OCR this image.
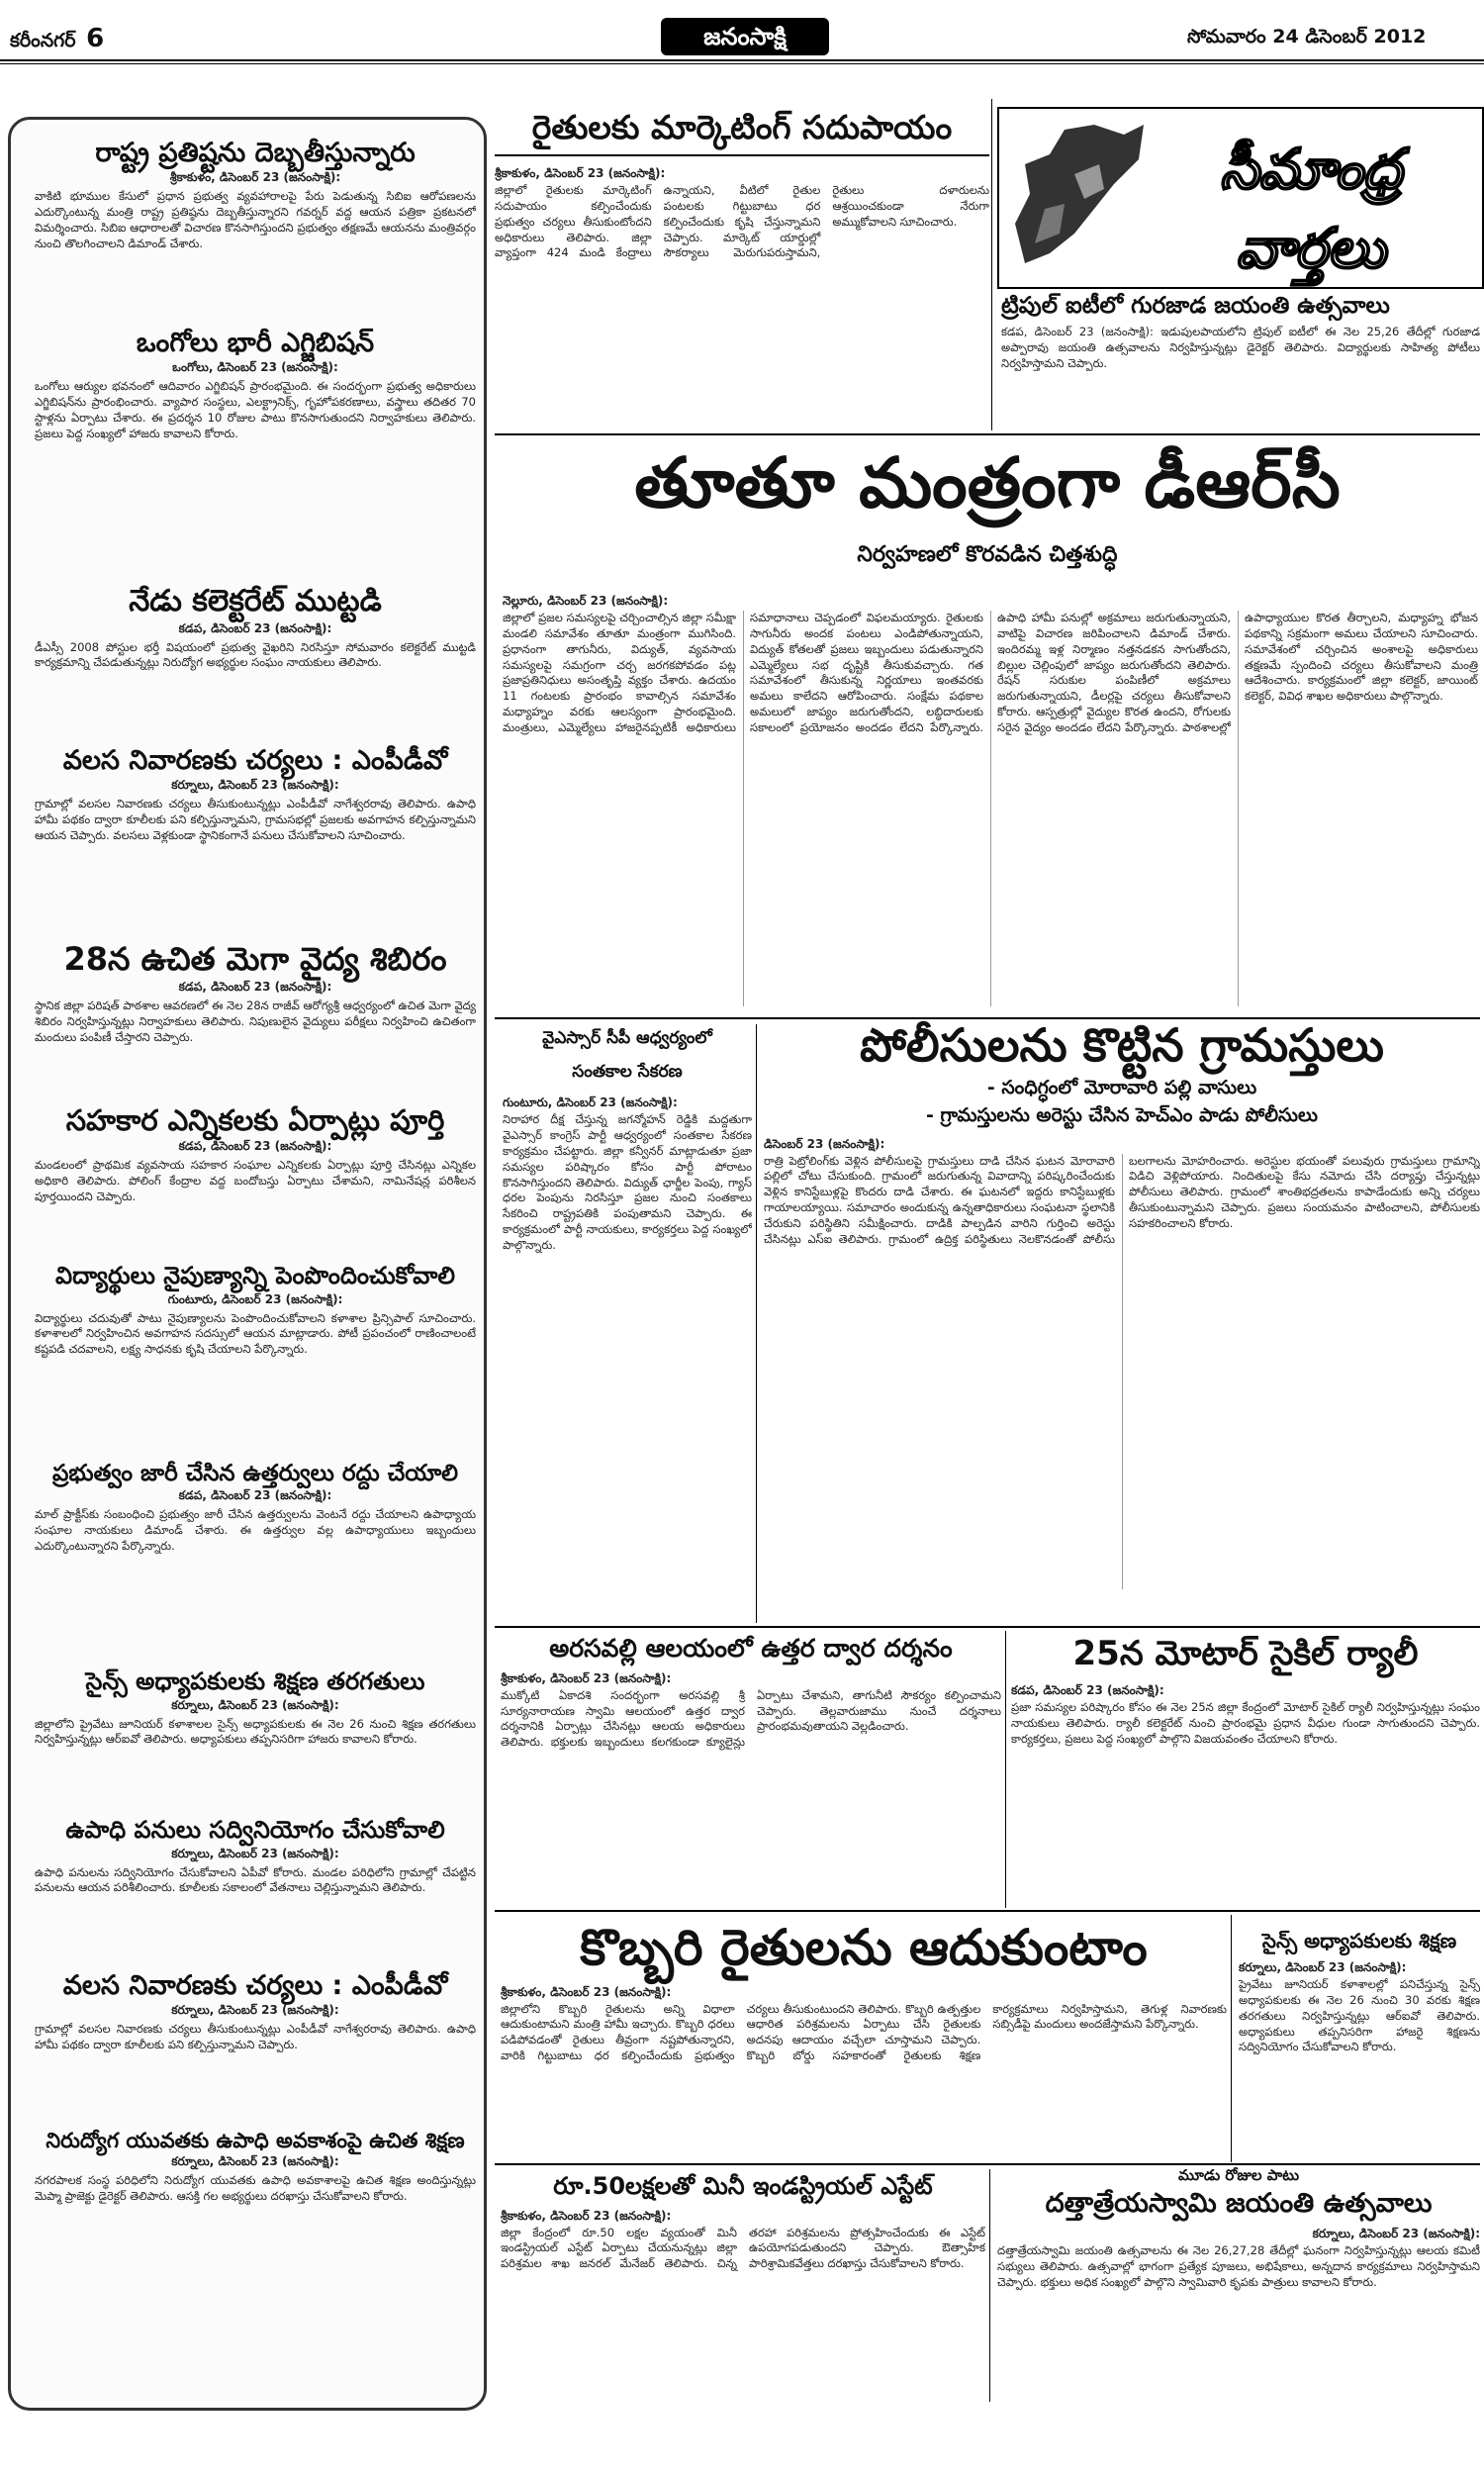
కరీంనగర్ 6	జనంసాక్షి	సోమవారం 24 డిసెంబర్ 2012
రాష్ట్ర ప్రతిష్టను దెబ్బతీస్తున్నారు
శ్రీకాకుళం, డిసెంబర్ 23 (జనంసాక్షి):
వాకిటి భూముల కేసులో ప్రధాన ప్రభుత్వ వ్యవహారాలపై పేరు పెడుతున్న సిబిఐ ఆరోపణలను ఎదుర్కొంటున్న మంత్రి రాష్ట్ర ప్రతిష్ఠను దెబ్బతీస్తున్నారని గవర్నర్‌ వద్ద ఆయన పత్రికా ప్రకటనలో విమర్శించారు. సిబిఐ ఆధారాలతో విచారణ కొనసాగిస్తుందని ప్రభుత్వం తక్షణమే ఆయనను మంత్రివర్గం నుంచి తొలగించాలని డిమాండ్‌ చేశారు.
ఒంగోలు భారీ ఎగ్జిబిషన్‌
ఒంగోలు, డిసెంబర్‌ 23 (జనంసాక్షి):
ఒంగోలు ఆర్యుల భవనంలో ఆదివారం ఎగ్జిబిషన్‌ ప్రారంభమైంది. ఈ సందర్భంగా ప్రభుత్వ అధికారులు ఎగ్జిబిషన్‌ను ప్రారంభించారు. వ్యాపార సంస్థలు, ఎలక్ట్రానిక్స్‌, గృహోపకరణాలు, వస్త్రాలు తదితర 70 స్టాళ్లను ఏర్పాటు చేశారు. ఈ ప్రదర్శన 10 రోజుల పాటు కొనసాగుతుందని నిర్వాహకులు తెలిపారు. ప్రజలు పెద్ద సంఖ్యలో హాజరు కావాలని కోరారు.
నేడు కలెక్టరేట్‌ ముట్టడి
కడప, డిసెంబర్‌ 23 (జనంసాక్షి):
డీఎస్సీ 2008 పోస్టుల భర్తీ విషయంలో ప్రభుత్వ వైఖరిని నిరసిస్తూ సోమవారం కలెక్టరేట్‌ ముట్టడి కార్యక్రమాన్ని చేపడుతున్నట్లు నిరుద్యోగ అభ్యర్థుల సంఘం నాయకులు తెలిపారు.
వలస నివారణకు చర్యలు : ఎంపీడీవో
కర్నూలు, డిసెంబర్‌ 23 (జనంసాక్షి):
గ్రామాల్లో వలసల నివారణకు చర్యలు తీసుకుంటున్నట్లు ఎంపీడీవో నాగేశ్వరరావు తెలిపారు. ఉపాధి హామీ పథకం ద్వారా కూలీలకు పని కల్పిస్తున్నామని, గ్రామసభల్లో ప్రజలకు అవగాహన కల్పిస్తున్నామని ఆయన చెప్పారు. వలసలు వెళ్లకుండా స్థానికంగానే పనులు చేసుకోవాలని సూచించారు.
28న ఉచిత మెగా వైద్య శిబిరం
కడప, డిసెంబర్‌ 23 (జనంసాక్షి):
స్థానిక జిల్లా పరిషత్‌ పాఠశాల ఆవరణలో ఈ నెల 28న రాజీవ్‌ ఆరోగ్యశ్రీ ఆధ్వర్యంలో ఉచిత మెగా వైద్య శిబిరం నిర్వహిస్తున్నట్లు నిర్వాహకులు తెలిపారు. నిపుణులైన వైద్యులు పరీక్షలు నిర్వహించి ఉచితంగా మందులు పంపిణీ చేస్తారని చెప్పారు.
సహకార ఎన్నికలకు ఏర్పాట్లు పూర్తి
కడప, డిసెంబర్‌ 23 (జనంసాక్షి):
మండలంలో ప్రాథమిక వ్యవసాయ సహకార సంఘాల ఎన్నికలకు ఏర్పాట్లు పూర్తి చేసినట్లు ఎన్నికల అధికారి తెలిపారు. పోలింగ్‌ కేంద్రాల వద్ద బందోబస్తు ఏర్పాటు చేశామని, నామినేషన్ల పరిశీలన పూర్తయిందని చెప్పారు.
విద్యార్థులు నైపుణ్యాన్ని పెంపొందించుకోవాలి
గుంటూరు, డిసెంబర్‌ 23 (జనంసాక్షి):
విద్యార్థులు చదువుతో పాటు నైపుణ్యాలను పెంపొందించుకోవాలని కళాశాల ప్రిన్సిపాల్‌ సూచించారు. కళాశాలలో నిర్వహించిన అవగాహన సదస్సులో ఆయన మాట్లాడారు. పోటీ ప్రపంచంలో రాణించాలంటే కష్టపడి చదవాలని, లక్ష్య సాధనకు కృషి చేయాలని పేర్కొన్నారు.
ప్రభుత్వం జారీ చేసిన ఉత్తర్వులు రద్దు చేయాలి
కడప, డిసెంబర్‌ 23 (జనంసాక్షి):
మాల్‌ ప్రాక్టీస్‌కు సంబంధించి ప్రభుత్వం జారీ చేసిన ఉత్తర్వులను వెంటనే రద్దు చేయాలని ఉపాధ్యాయ సంఘాల నాయకులు డిమాండ్‌ చేశారు. ఈ ఉత్తర్వుల వల్ల ఉపాధ్యాయులు ఇబ్బందులు ఎదుర్కొంటున్నారని పేర్కొన్నారు.
సైన్స్‌ అధ్యాపకులకు శిక్షణ తరగతులు
కర్నూలు, డిసెంబర్‌ 23 (జనంసాక్షి):
జిల్లాలోని ప్రైవేటు జూనియర్‌ కళాశాలల సైన్స్‌ అధ్యాపకులకు ఈ నెల 26 నుంచి శిక్షణ తరగతులు నిర్వహిస్తున్నట్లు ఆర్‌ఐవో తెలిపారు. అధ్యాపకులు తప్పనిసరిగా హాజరు కావాలని కోరారు.
ఉపాధి పనులు సద్వినియోగం చేసుకోవాలి
కర్నూలు, డిసెంబర్‌ 23 (జనంసాక్షి):
ఉపాధి పనులను సద్వినియోగం చేసుకోవాలని ఏపీవో కోరారు. మండల పరిధిలోని గ్రామాల్లో చేపట్టిన పనులను ఆయన పరిశీలించారు. కూలీలకు సకాలంలో వేతనాలు చెల్లిస్తున్నామని తెలిపారు.
వలస నివారణకు చర్యలు : ఎంపీడీవో
కర్నూలు, డిసెంబర్‌ 23 (జనంసాక్షి):
గ్రామాల్లో వలసల నివారణకు చర్యలు తీసుకుంటున్నట్లు ఎంపీడీవో నాగేశ్వరరావు తెలిపారు. ఉపాధి హామీ పథకం ద్వారా కూలీలకు పని కల్పిస్తున్నామని చెప్పారు.
నిరుద్యోగ యువతకు ఉపాధి అవకాశంపై ఉచిత శిక్షణ
కర్నూలు, డిసెంబర్‌ 23 (జనంసాక్షి):
నగరపాలక సంస్థ పరిధిలోని నిరుద్యోగ యువతకు ఉపాధి అవకాశాలపై ఉచిత శిక్షణ అందిస్తున్నట్లు మెప్మా ప్రాజెక్టు డైరెక్టర్‌ తెలిపారు. ఆసక్తి గల అభ్యర్థులు దరఖాస్తు చేసుకోవాలని కోరారు.
రైతులకు మార్కెటింగ్‌ సదుపాయం
శ్రీకాకుళం, డిసెంబర్‌ 23 (జనంసాక్షి):
జిల్లాలో రైతులకు మార్కెటింగ్‌ సదుపాయం కల్పించేందుకు ప్రభుత్వం చర్యలు తీసుకుంటోందని అధికారులు తెలిపారు. జిల్లా వ్యాప్తంగా 424 మండి కేంద్రాలు ఉన్నాయని, వీటిలో రైతుల పంటలకు గిట్టుబాటు ధర కల్పించేందుకు కృషి చేస్తున్నామని చెప్పారు. మార్కెట్‌ యార్డుల్లో సౌకర్యాలు మెరుగుపరుస్తామని, రైతులు దళారులను ఆశ్రయించకుండా నేరుగా అమ్ముకోవాలని సూచించారు.
సీమాంధ్ర వార్తలు
ట్రిపుల్‌ ఐటీలో గురజాడ జయంతి ఉత్సవాలు
కడప, డిసెంబర్‌ 23 (జనంసాక్షి): ఇడుపులపాయలోని ట్రిపుల్‌ ఐటీలో ఈ నెల 25,26 తేదీల్లో గురజాడ అప్పారావు జయంతి ఉత్సవాలను నిర్వహిస్తున్నట్లు డైరెక్టర్‌ తెలిపారు. విద్యార్థులకు సాహిత్య పోటీలు నిర్వహిస్తామని చెప్పారు.
తూతూ మంత్రంగా డీఆర్‌సీ
నిర్వహణలో కొరవడిన చిత్తశుద్ధి
నెల్లూరు, డిసెంబర్‌ 23 (జనంసాక్షి):
జిల్లాలో ప్రజల సమస్యలపై చర్చించాల్సిన జిల్లా సమీక్షా మండలి సమావేశం తూతూ మంత్రంగా ముగిసింది. ప్రధానంగా తాగునీరు, విద్యుత్‌, వ్యవసాయ సమస్యలపై సమగ్రంగా చర్చ జరగకపోవడం పట్ల ప్రజాప్రతినిధులు అసంతృప్తి వ్యక్తం చేశారు. ఉదయం 11 గంటలకు ప్రారంభం కావాల్సిన సమావేశం మధ్యాహ్నం వరకు ఆలస్యంగా ప్రారంభమైంది. మంత్రులు, ఎమ్మెల్యేలు హాజరైనప్పటికీ అధికారులు సమాధానాలు చెప్పడంలో విఫలమయ్యారు. రైతులకు సాగునీరు అందక పంటలు ఎండిపోతున్నాయని, విద్యుత్‌ కోతలతో ప్రజలు ఇబ్బందులు పడుతున్నారని ఎమ్మెల్యేలు సభ దృష్టికి తీసుకువచ్చారు. గత సమావేశంలో తీసుకున్న నిర్ణయాలు ఇంతవరకు అమలు కాలేదని ఆరోపించారు. సంక్షేమ పథకాల అమలులో జాప్యం జరుగుతోందని, లబ్ధిదారులకు సకాలంలో ప్రయోజనం అందడం లేదని పేర్కొన్నారు. ఉపాధి హామీ పనుల్లో అక్రమాలు జరుగుతున్నాయని, వాటిపై విచారణ జరిపించాలని డిమాండ్‌ చేశారు. ఇందిరమ్మ ఇళ్ల నిర్మాణం నత్తనడకన సాగుతోందని, బిల్లుల చెల్లింపులో జాప్యం జరుగుతోందని తెలిపారు. రేషన్‌ సరుకుల పంపిణీలో అక్రమాలు జరుగుతున్నాయని, డీలర్లపై చర్యలు తీసుకోవాలని కోరారు. ఆస్పత్రుల్లో వైద్యుల కొరత ఉందని, రోగులకు సరైన వైద్యం అందడం లేదని పేర్కొన్నారు. పాఠశాలల్లో ఉపాధ్యాయుల కొరత తీర్చాలని, మధ్యాహ్న భోజన పథకాన్ని సక్రమంగా అమలు చేయాలని సూచించారు. సమావేశంలో చర్చించిన అంశాలపై అధికారులు తక్షణమే స్పందించి చర్యలు తీసుకోవాలని మంత్రి ఆదేశించారు. కార్యక్రమంలో జిల్లా కలెక్టర్‌, జాయింట్‌ కలెక్టర్‌, వివిధ శాఖల అధికారులు పాల్గొన్నారు.
వైఎస్సార్‌ సీపీ ఆధ్వర్యంలో
సంతకాల సేకరణ
గుంటూరు, డిసెంబర్‌ 23 (జనంసాక్షి):
నిరాహార దీక్ష చేస్తున్న జగన్మోహన్‌ రెడ్డికి మద్దతుగా వైఎస్సార్‌ కాంగ్రెస్‌ పార్టీ ఆధ్వర్యంలో సంతకాల సేకరణ కార్యక్రమం చేపట్టారు. జిల్లా కన్వీనర్‌ మాట్లాడుతూ ప్రజా సమస్యల పరిష్కారం కోసం పార్టీ పోరాటం కొనసాగిస్తుందని తెలిపారు. విద్యుత్‌ ఛార్జీల పెంపు, గ్యాస్‌ ధరల పెంపును నిరసిస్తూ ప్రజల నుంచి సంతకాలు సేకరించి రాష్ట్రపతికి పంపుతామని చెప్పారు. ఈ కార్యక్రమంలో పార్టీ నాయకులు, కార్యకర్తలు పెద్ద సంఖ్యలో పాల్గొన్నారు.
పోలీసులను కొట్టిన గ్రామస్తులు
- సంధిగ్ధంలో మోరావారి పల్లి వాసులు
- గ్రామస్తులను అరెస్టు చేసిన హెచ్‌ఎం పాడు పోలీసులు
డిసెంబర్‌ 23 (జనంసాక్షి):
రాత్రి పెట్రోలింగ్‌కు వెళ్లిన పోలీసులపై గ్రామస్తులు దాడి చేసిన ఘటన మోరావారి పల్లిలో చోటు చేసుకుంది. గ్రామంలో జరుగుతున్న వివాదాన్ని పరిష్కరించేందుకు వెళ్లిన కానిస్టేబుళ్లపై కొందరు దాడి చేశారు. ఈ ఘటనలో ఇద్దరు కానిస్టేబుళ్లకు గాయాలయ్యాయి. సమాచారం అందుకున్న ఉన్నతాధికారులు సంఘటనా స్థలానికి చేరుకుని పరిస్థితిని సమీక్షించారు. దాడికి పాల్పడిన వారిని గుర్తించి అరెస్టు చేసినట్లు ఎస్‌ఐ తెలిపారు. గ్రామంలో ఉద్రిక్త పరిస్థితులు నెలకొనడంతో పోలీసు బలగాలను మోహరించారు. అరెస్టుల భయంతో పలువురు గ్రామస్తులు గ్రామాన్ని విడిచి వెళ్లిపోయారు. నిందితులపై కేసు నమోదు చేసి దర్యాప్తు చేస్తున్నట్లు పోలీసులు తెలిపారు. గ్రామంలో శాంతిభద్రతలను కాపాడేందుకు అన్ని చర్యలు తీసుకుంటున్నామని చెప్పారు. ప్రజలు సంయమనం పాటించాలని, పోలీసులకు సహకరించాలని కోరారు.
అరసవల్లి ఆలయంలో ఉత్తర ద్వార దర్శనం
శ్రీకాకుళం, డిసెంబర్‌ 23 (జనంసాక్షి):
ముక్కోటి ఏకాదశి సందర్భంగా అరసవల్లి శ్రీ సూర్యనారాయణ స్వామి ఆలయంలో ఉత్తర ద్వార దర్శనానికి ఏర్పాట్లు చేసినట్లు ఆలయ అధికారులు తెలిపారు. భక్తులకు ఇబ్బందులు కలగకుండా క్యూలైన్లు ఏర్పాటు చేశామని, తాగునీటి సౌకర్యం కల్పించామని చెప్పారు. తెల్లవారుజాము నుంచే దర్శనాలు ప్రారంభమవుతాయని వెల్లడించారు.
25న మోటార్‌ సైకిల్‌ ర్యాలీ
కడప, డిసెంబర్‌ 23 (జనంసాక్షి):
ప్రజా సమస్యల పరిష్కారం కోసం ఈ నెల 25న జిల్లా కేంద్రంలో మోటార్‌ సైకిల్‌ ర్యాలీ నిర్వహిస్తున్నట్లు సంఘం నాయకులు తెలిపారు. ర్యాలీ కలెక్టరేట్‌ నుంచి ప్రారంభమై ప్రధాన వీధుల గుండా సాగుతుందని చెప్పారు. కార్యకర్తలు, ప్రజలు పెద్ద సంఖ్యలో పాల్గొని విజయవంతం చేయాలని కోరారు.
కొబ్బరి రైతులను ఆదుకుంటాం
శ్రీకాకుళం, డిసెంబర్‌ 23 (జనంసాక్షి):
జిల్లాలోని కొబ్బరి రైతులను అన్ని విధాలా ఆదుకుంటామని మంత్రి హామీ ఇచ్చారు. కొబ్బరి ధరలు పడిపోవడంతో రైతులు తీవ్రంగా నష్టపోతున్నారని, వారికి గిట్టుబాటు ధర కల్పించేందుకు ప్రభుత్వం చర్యలు తీసుకుంటుందని తెలిపారు. కొబ్బరి ఉత్పత్తుల ఆధారిత పరిశ్రమలను ఏర్పాటు చేసి రైతులకు అదనపు ఆదాయం వచ్చేలా చూస్తామని చెప్పారు. కొబ్బరి బోర్డు సహకారంతో రైతులకు శిక్షణ కార్యక్రమాలు నిర్వహిస్తామని, తెగుళ్ల నివారణకు సబ్సిడీపై మందులు అందజేస్తామని పేర్కొన్నారు.
సైన్స్‌ అధ్యాపకులకు శిక్షణ
కర్నూలు, డిసెంబర్‌ 23 (జనంసాక్షి):
ప్రైవేటు జూనియర్‌ కళాశాలల్లో పనిచేస్తున్న సైన్స్‌ అధ్యాపకులకు ఈ నెల 26 నుంచి 30 వరకు శిక్షణ తరగతులు నిర్వహిస్తున్నట్లు ఆర్‌ఐవో తెలిపారు. అధ్యాపకులు తప్పనిసరిగా హాజరై శిక్షణను సద్వినియోగం చేసుకోవాలని కోరారు.
రూ.50లక్షలతో మినీ ఇండస్ట్రియల్‌ ఎస్టేట్‌
శ్రీకాకుళం, డిసెంబర్‌ 23 (జనంసాక్షి):
జిల్లా కేంద్రంలో రూ.50 లక్షల వ్యయంతో మినీ ఇండస్ట్రియల్‌ ఎస్టేట్‌ ఏర్పాటు చేయనున్నట్లు జిల్లా పరిశ్రమల శాఖ జనరల్‌ మేనేజర్‌ తెలిపారు. చిన్న తరహా పరిశ్రమలను ప్రోత్సహించేందుకు ఈ ఎస్టేట్‌ ఉపయోగపడుతుందని చెప్పారు. ఔత్సాహిక పారిశ్రామికవేత్తలు దరఖాస్తు చేసుకోవాలని కోరారు.
మూడు రోజుల పాటు
దత్తాత్రేయస్వామి జయంతి ఉత్సవాలు
కర్నూలు, డిసెంబర్‌ 23 (జనంసాక్షి):
దత్తాత్రేయస్వామి జయంతి ఉత్సవాలను ఈ నెల 26,27,28 తేదీల్లో ఘనంగా నిర్వహిస్తున్నట్లు ఆలయ కమిటీ సభ్యులు తెలిపారు. ఉత్సవాల్లో భాగంగా ప్రత్యేక పూజలు, అభిషేకాలు, అన్నదాన కార్యక్రమాలు నిర్వహిస్తామని చెప్పారు. భక్తులు అధిక సంఖ్యలో పాల్గొని స్వామివారి కృపకు పాత్రులు కావాలని కోరారు.
